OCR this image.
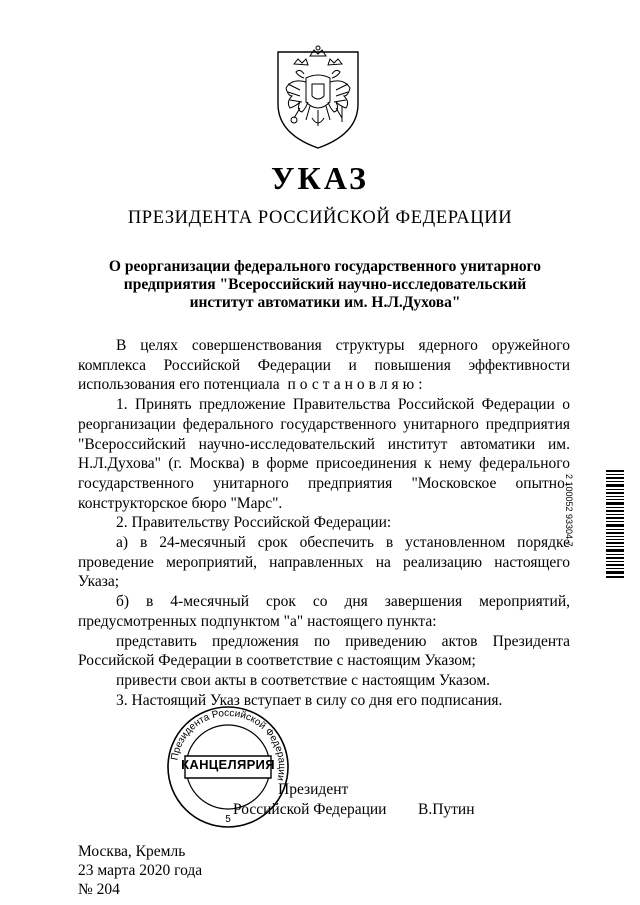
УКАЗ
ПРЕЗИДЕНТА РОССИЙСКОЙ ФЕДЕРАЦИИ
О реорганизации федерального государственного унитарного
предприятия "Всероссийский научно-исследовательский
институт автоматики им. Н.Л.Духова"

В целях совершенствования структуры ядерного оружейного комплекса Российской Федерации и повышения эффективности использования его потенциала постановляю:

1. Принять предложение Правительства Российской Федерации о реорганизации федерального государственного унитарного предприятия "Всероссийский научно-исследовательский институт автоматики им. Н.Л.Духова" (г. Москва) в форме присоединения к нему федерального государственного унитарного предприятия "Московское опытно-конструкторское бюро "Марс".

2. Правительству Российской Федерации:

а) в 24-месячный срок обеспечить в установленном порядке проведение мероприятий, направленных на реализацию настоящего Указа;

б) в 4-месячный срок со дня завершения мероприятий, предусмотренных подпунктом "а" настоящего пункта:

представить предложения по приведению актов Президента Российской Федерации в соответствие с настоящим Указом;

привести свои акты в соответствие с настоящим Указом.

3. Настоящий Указ вступает в силу со дня его подписания.

Президент
Российской Федерации В.Путин
Президента Российской Федерации
5
КАНЦЕЛЯРИЯ
Москва, Кремль
23 марта 2020 года
№ 204
2 100052 93304 7
